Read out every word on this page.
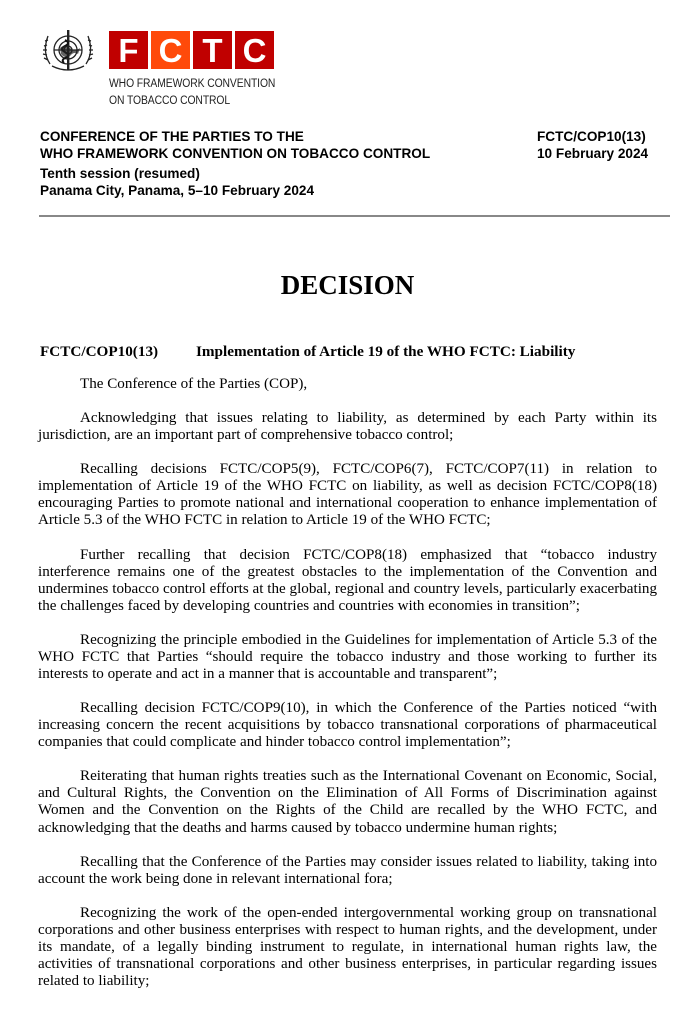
F C T C
WHO FRAMEWORK CONVENTION
ON TOBACCO CONTROL
CONFERENCE OF THE PARTIES TO THE
WHO FRAMEWORK CONVENTION ON TOBACCO CONTROL
Tenth session (resumed)
Panama City, Panama, 5–10 February 2024
FCTC/COP10(13)
10 February 2024
DECISION
FCTC/COP10(13) Implementation of Article 19 of the WHO FCTC: Liability

The Conference of the Parties (COP),

Acknowledging that issues relating to liability, as determined by each Party within its jurisdiction, are an important part of comprehensive tobacco control;

Recalling decisions FCTC/COP5(9), FCTC/COP6(7), FCTC/COP7(11) in relation to implementation of Article 19 of the WHO FCTC on liability, as well as decision FCTC/COP8(18) encouraging Parties to promote national and international cooperation to enhance implementation of Article 5.3 of the WHO FCTC in relation to Article 19 of the WHO FCTC;

Further recalling that decision FCTC/COP8(18) emphasized that “tobacco industry interference remains one of the greatest obstacles to the implementation of the Convention and undermines tobacco control efforts at the global, regional and country levels, particularly exacerbating the challenges faced by developing countries and countries with economies in transition”;

Recognizing the principle embodied in the Guidelines for implementation of Article 5.3 of the WHO FCTC that Parties “should require the tobacco industry and those working to further its interests to operate and act in a manner that is accountable and transparent”;

Recalling decision FCTC/COP9(10), in which the Conference of the Parties noticed “with increasing concern the recent acquisitions by tobacco transnational corporations of pharmaceutical companies that could complicate and hinder tobacco control implementation”;

Reiterating that human rights treaties such as the International Covenant on Economic, Social, and Cultural Rights, the Convention on the Elimination of All Forms of Discrimination against Women and the Convention on the Rights of the Child are recalled by the WHO FCTC, and acknowledging that the deaths and harms caused by tobacco undermine human rights;

Recalling that the Conference of the Parties may consider issues related to liability, taking into account the work being done in relevant international fora;

Recognizing the work of the open-ended intergovernmental working group on transnational corporations and other business enterprises with respect to human rights, and the development, under its mandate, of a legally binding instrument to regulate, in international human rights law, the activities of transnational corporations and other business enterprises, in particular regarding issues related to liability;
